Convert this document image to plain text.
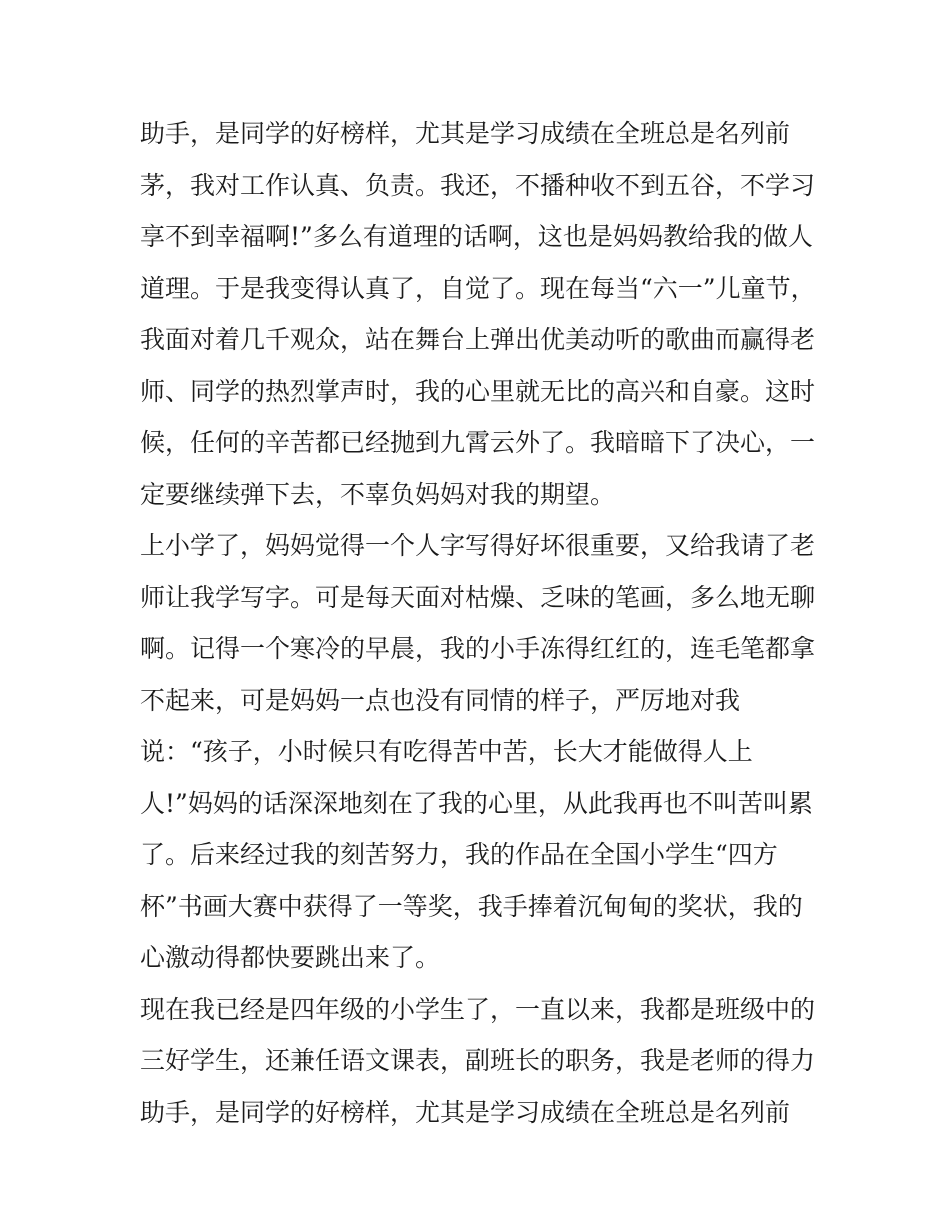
助手，是同学的好榜样，尤其是学习成绩在全班总是名列前
茅，我对工作认真、负责。我还，不播种收不到五谷，不学习
享不到幸福啊!”多么有道理的话啊，这也是妈妈教给我的做人
道理。于是我变得认真了，自觉了。现在每当“六一”儿童节，
我面对着几千观众，站在舞台上弹出优美动听的歌曲而赢得老
师、同学的热烈掌声时，我的心里就无比的高兴和自豪。这时
候，任何的辛苦都已经抛到九霄云外了。我暗暗下了决心，一
定要继续弹下去，不辜负妈妈对我的期望。
上小学了，妈妈觉得一个人字写得好坏很重要，又给我请了老
师让我学写字。可是每天面对枯燥、乏味的笔画，多么地无聊
啊。记得一个寒冷的早晨，我的小手冻得红红的，连毛笔都拿
不起来，可是妈妈一点也没有同情的样子，严厉地对我
说：“孩子，小时候只有吃得苦中苦，长大才能做得人上
人!”妈妈的话深深地刻在了我的心里，从此我再也不叫苦叫累
了。后来经过我的刻苦努力，我的作品在全国小学生“四方
杯”书画大赛中获得了一等奖，我手捧着沉甸甸的奖状，我的
心激动得都快要跳出来了。
现在我已经是四年级的小学生了，一直以来，我都是班级中的
三好学生，还兼任语文课表，副班长的职务，我是老师的得力
助手，是同学的好榜样，尤其是学习成绩在全班总是名列前
